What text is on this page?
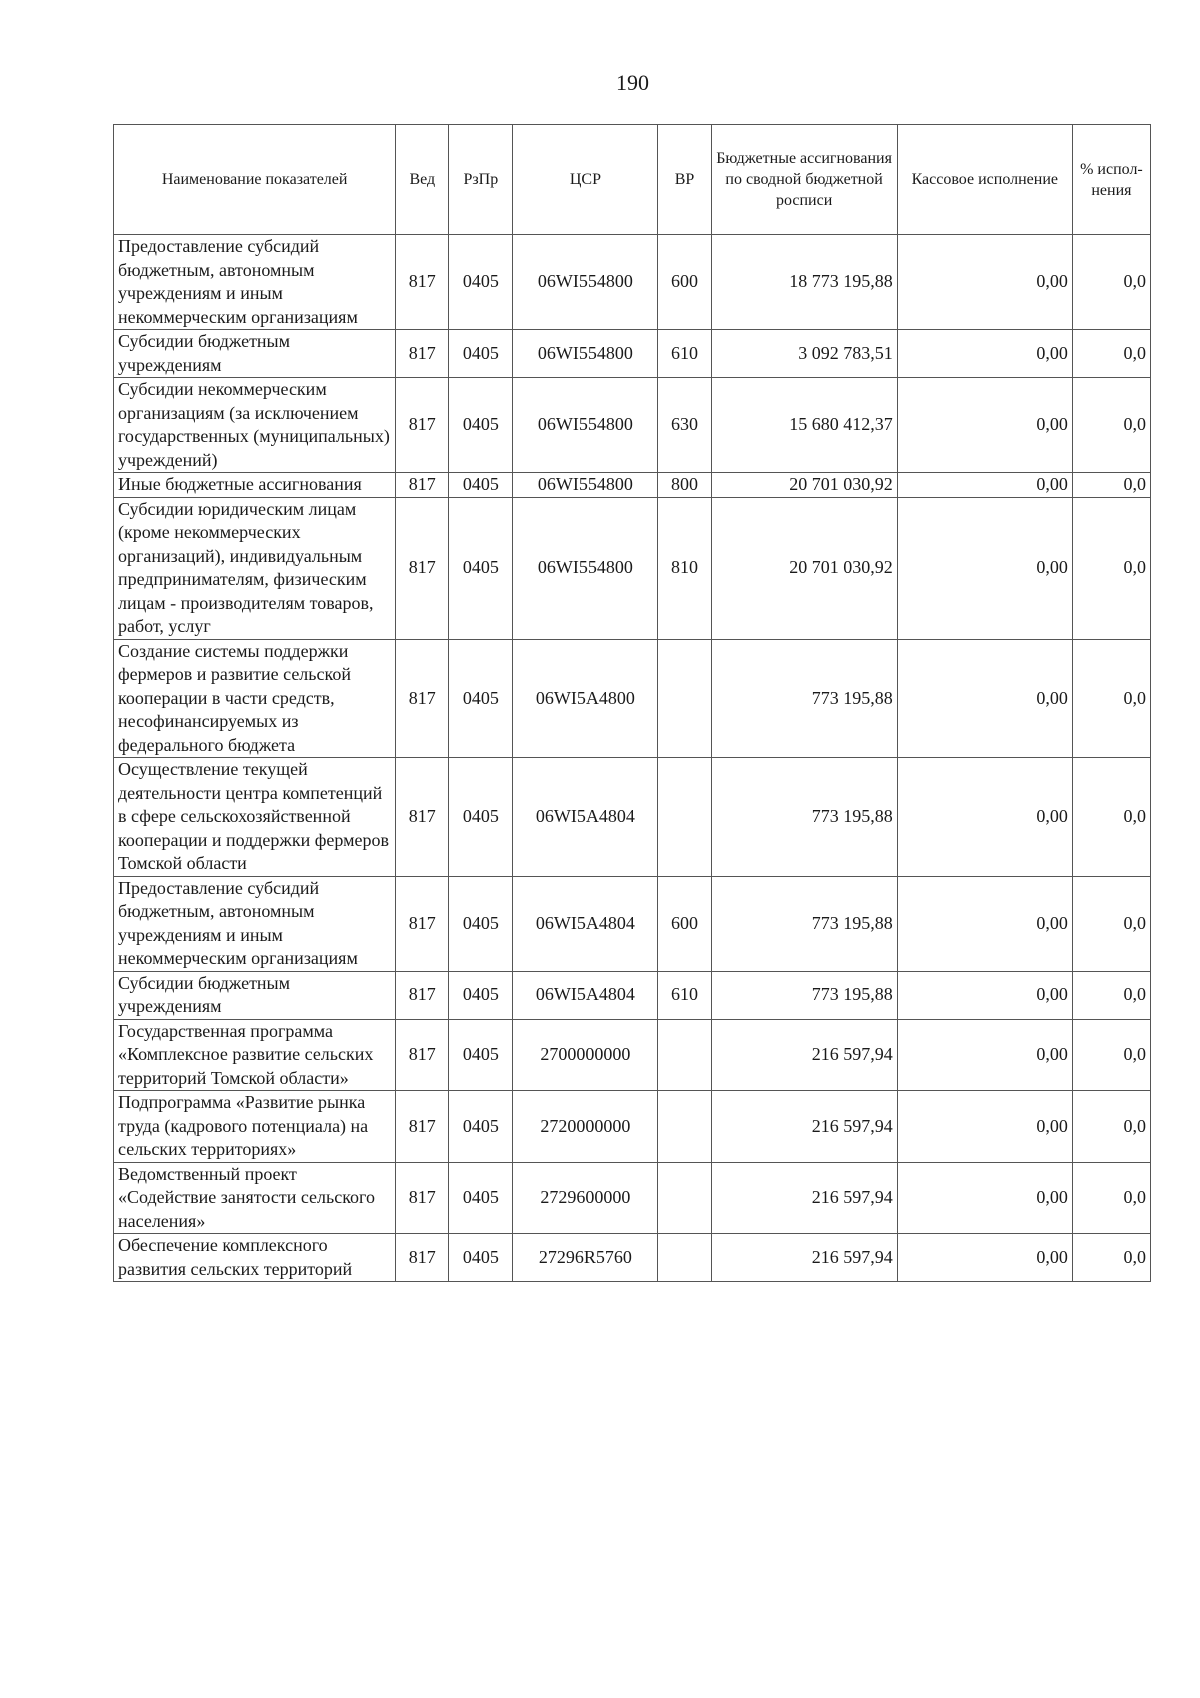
190
Наименование показателей	Вед	РзПр	ЦСР	ВР	Бюджетные ассигнования по сводной бюджетной росписи	Кассовое исполнение	% испол-нения
Предоставление субсидий бюджетным, автономным учреждениям и иным некоммерческим организациям	817	0405	06WI554800	600	18 773 195,88	0,00	0,0
Субсидии бюджетным учреждениям	817	0405	06WI554800	610	3 092 783,51	0,00	0,0
Субсидии некоммерческим организациям (за исключением государственных (муниципальных) учреждений)	817	0405	06WI554800	630	15 680 412,37	0,00	0,0
Иные бюджетные ассигнования	817	0405	06WI554800	800	20 701 030,92	0,00	0,0
Субсидии юридическим лицам (кроме некоммерческих организаций), индивидуальным предпринимателям, физическим лицам - производителям товаров, работ, услуг	817	0405	06WI554800	810	20 701 030,92	0,00	0,0
Создание системы поддержки фермеров и развитие сельской кооперации в части средств, несофинансируемых из федерального бюджета	817	0405	06WI5A4800		773 195,88	0,00	0,0
Осуществление текущей деятельности центра компетенций в сфере сельскохозяйственной кооперации и поддержки фермеров Томской области	817	0405	06WI5A4804		773 195,88	0,00	0,0
Предоставление субсидий бюджетным, автономным учреждениям и иным некоммерческим организациям	817	0405	06WI5A4804	600	773 195,88	0,00	0,0
Субсидии бюджетным учреждениям	817	0405	06WI5A4804	610	773 195,88	0,00	0,0
Государственная программа «Комплексное развитие сельских территорий Томской области»	817	0405	2700000000		216 597,94	0,00	0,0
Подпрограмма «Развитие рынка труда (кадрового потенциала) на сельских территориях»	817	0405	2720000000		216 597,94	0,00	0,0
Ведомственный проект «Содействие занятости сельского населения»	817	0405	2729600000		216 597,94	0,00	0,0
Обеспечение комплексного развития сельских территорий	817	0405	27296R5760		216 597,94	0,00	0,0
